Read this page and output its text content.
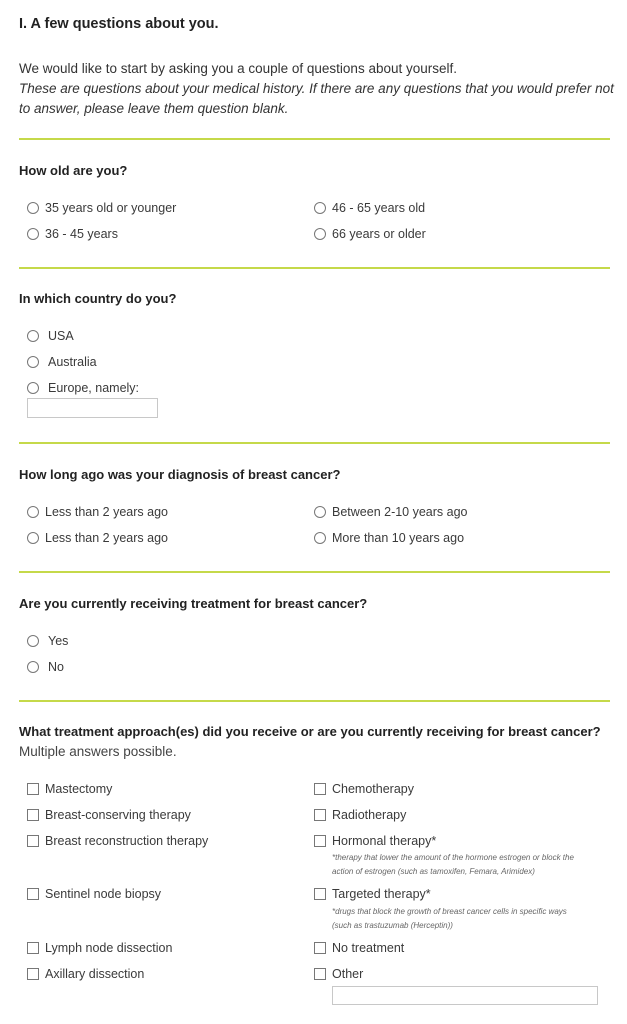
I. A few questions about you.
We would like to start by asking you a couple of questions about yourself.
These are questions about your medical history. If there are any questions that you would prefer not to answer, please leave them question blank.
How old are you?
35 years old or younger
36 - 45 years
46 - 65 years old
66 years or older
In which country do you?
USA
Australia
Europe, namely:
How long ago was your diagnosis of breast cancer?
Less than 2 years ago
Less than 2 years ago
Between 2-10 years ago
More than 10 years ago
Are you currently receiving treatment for breast cancer?
Yes
No
What treatment approach(es) did you receive or are you currently receiving for breast cancer?
Multiple answers possible.
Mastectomy
Breast-conserving therapy
Breast reconstruction therapy
Sentinel node biopsy
Lymph node dissection
Axillary dissection
Chemotherapy
Radiotherapy
Hormonal therapy*
*therapy that lower the amount of the hormone estrogen or block the
action of estrogen (such as tamoxifen, Femara, Arimidex)
Targeted therapy*
*drugs that block the growth of breast cancer cells in specific ways
(such as trastuzumab (Herceptin))
No treatment
Other
